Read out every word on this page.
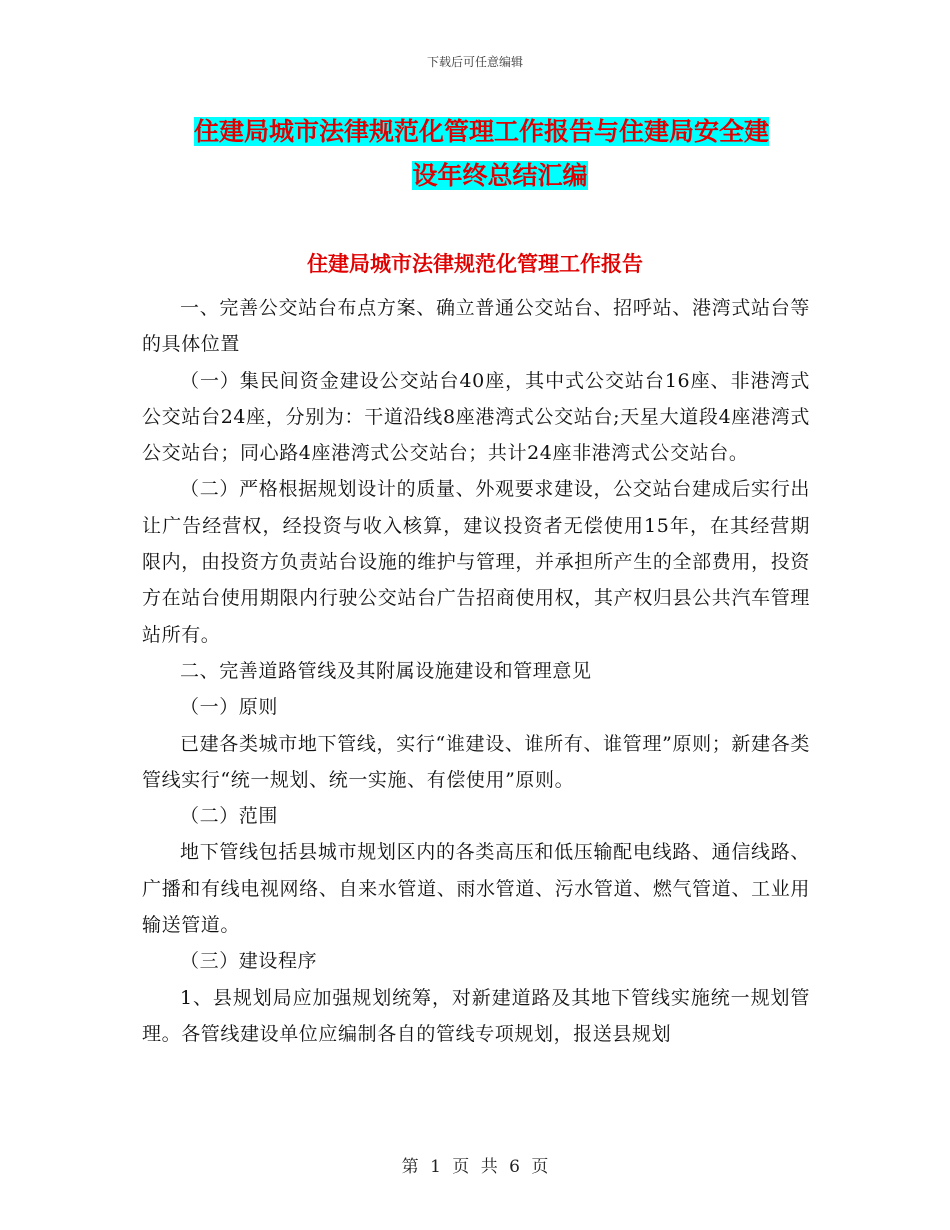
下载后可任意编辑
住建局城市法律规范化管理工作报告与住建局安全建
设年终总结汇编
住建局城市法律规范化管理工作报告

一、完善公交站台布点方案、确立普通公交站台、招呼站、港湾式站台等的具体位置

（一）集民间资金建设公交站台40座，其中式公交站台16座、非港湾式公交站台24座，分别为：干道沿线8座港湾式公交站台;天星大道段4座港湾式公交站台；同心路4座港湾式公交站台；共计24座非港湾式公交站台。

（二）严格根据规划设计的质量、外观要求建设，公交站台建成后实行出让广告经营权，经投资与收入核算，建议投资者无偿使用15年，在其经营期限内，由投资方负责站台设施的维护与管理，并承担所产生的全部费用，投资方在站台使用期限内行驶公交站台广告招商使用权，其产权归县公共汽车管理站所有。

二、完善道路管线及其附属设施建设和管理意见

（一）原则

已建各类城市地下管线，实行“谁建设、谁所有、谁管理”原则；新建各类管线实行“统一规划、统一实施、有偿使用”原则。

（二）范围

地下管线包括县城市规划区内的各类高压和低压输配电线路、通信线路、广播和有线电视网络、自来水管道、雨水管道、污水管道、燃气管道、工业用输送管道。

（三）建设程序

1、县规划局应加强规划统筹，对新建道路及其地下管线实施统一规划管理。各管线建设单位应编制各自的管线专项规划，报送县规划

第 1 页 共 6 页
